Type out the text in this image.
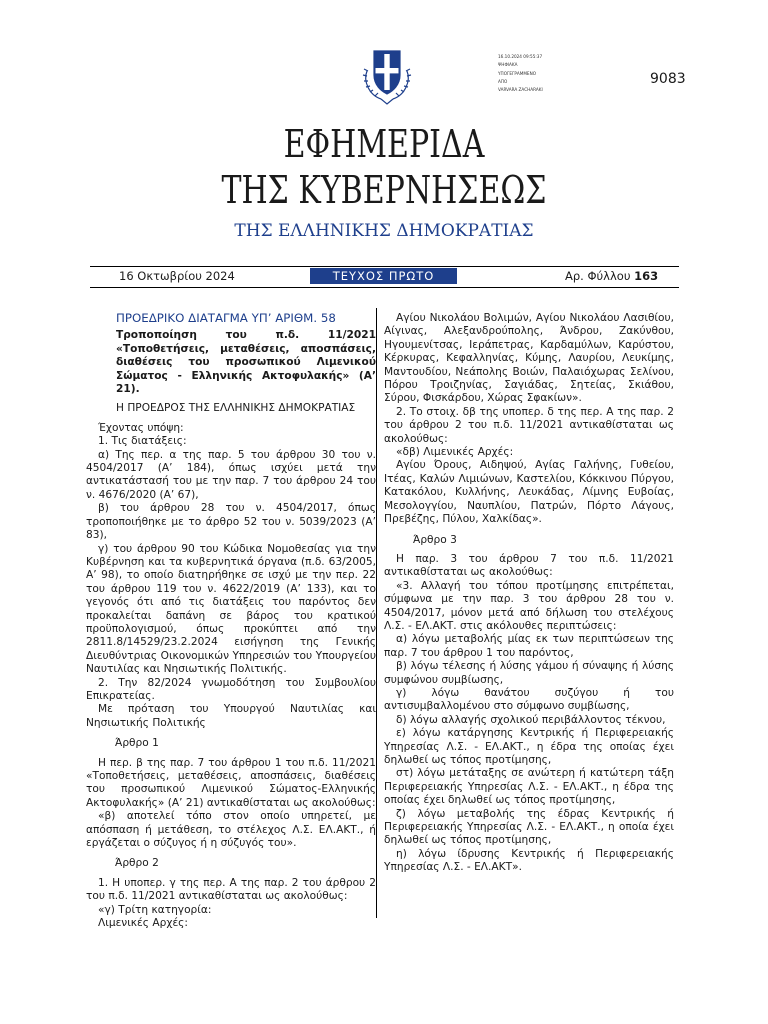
16.10.2024 09:55:37
ΨΗΦΙΑΚΑ
ΥΠΟΓΕΓΡΑΜΜΕΝΟ
ΑΠΟ
VARVARA ZACHARAKI
9083
ΕΦΗΜΕΡΙΔΑ
ΤΗΣ ΚΥΒΕΡΝΗΣΕΩΣ
ΤΗΣ ΕΛΛΗΝΙΚΗΣ ΔΗΜΟΚΡΑΤΙΑΣ
16 Οκτωβρίου 2024	ΤΕΥΧΟΣ ΠΡΩΤΟ	Αρ. Φύλλου 163

ΠΡΟΕΔΡΙΚΟ ΔΙΑΤΑΓΜΑ ΥΠ’ ΑΡΙΘΜ. 58

Τροποποίηση του π.δ. 11/2021 «Τοποθετήσεις, μεταθέσεις, αποσπάσεις, διαθέσεις του προσωπικού Λιμενικού Σώματος - Ελληνικής Ακτοφυλακής» (Α’ 21).

Η ΠΡΟΕΔΡΟΣ ΤΗΣ ΕΛΛΗΝΙΚΗΣ ΔΗΜΟΚΡΑΤΙΑΣ

Έχοντας υπόψη:

1. Τις διατάξεις:

α) Της περ. α της παρ. 5 του άρθρου 30 του ν. 4504/2017 (Α’ 184), όπως ισχύει μετά την αντικατάστασή του με την παρ. 7 του άρθρου 24 του ν. 4676/2020 (Α’ 67),

β) του άρθρου 28 του ν. 4504/2017, όπως τροποποιήθηκε με το άρθρο 52 του ν. 5039/2023 (Α’ 83),

γ) του άρθρου 90 του Κώδικα Νομοθεσίας για την Κυβέρνηση και τα κυβερνητικά όργανα (π.δ. 63/2005, Α’ 98), το οποίο διατηρήθηκε σε ισχύ με την περ. 22 του άρθρου 119 του ν. 4622/2019 (Α’ 133), και το γεγονός ότι από τις διατάξεις του παρόντος δεν προκαλείται δαπάνη σε βάρος του κρατικού προϋπολογισμού, όπως προκύπτει από την 2811.8/14529/23.2.2024 εισήγηση της Γενικής Διευθύντριας Οικονομικών Υπηρεσιών του Υπουργείου Ναυτιλίας και Νησιωτικής Πολιτικής.

2. Την 82/2024 γνωμοδότηση του Συμβουλίου Επικρατείας.

Με πρόταση του Υπουργού Ναυτιλίας και Νησιωτικής Πολιτικής

Άρθρο 1

Η περ. β της παρ. 7 του άρθρου 1 του π.δ. 11/2021 «Τοποθετήσεις, μεταθέσεις, αποσπάσεις, διαθέσεις του προσωπικού Λιμενικού Σώματος-Ελληνικής Ακτοφυλακής» (Α’ 21) αντικαθίσταται ως ακολούθως:

«β) αποτελεί τόπο στον οποίο υπηρετεί, με απόσπαση ή μετάθεση, το στέλεχος Λ.Σ. ΕΛ.ΑΚΤ., ή εργάζεται ο σύζυγος ή η σύζυγός του».

Άρθρο 2

1. Η υποπερ. γ της περ. Α της παρ. 2 του άρθρου 2 του π.δ. 11/2021 αντικαθίσταται ως ακολούθως:

«γ) Τρίτη κατηγορία:

Λιμενικές Αρχές:

Αγίου Νικολάου Βολιμών, Αγίου Νικολάου Λασιθίου, Αίγινας, Αλεξανδρούπολης, Άνδρου, Ζακύνθου, Ηγουμενίτσας, Ιεράπετρας, Καρδαμύλων, Καρύστου, Κέρκυρας, Κεφαλληνίας, Κύμης, Λαυρίου, Λευκίμης, Μαντουδίου, Νεάπολης Βοιών, Παλαιόχωρας Σελίνου, Πόρου Τροιζηνίας, Σαγιάδας, Σητείας, Σκιάθου, Σύρου, Φισκάρδου, Χώρας Σφακίων».

2. Το στοιχ. δβ της υποπερ. δ της περ. Α της παρ. 2 του άρθρου 2 του π.δ. 11/2021 αντικαθίσταται ως ακολούθως:

«δβ) Λιμενικές Αρχές:

Αγίου Όρους, Αιδηψού, Αγίας Γαλήνης, Γυθείου, Ιτέας, Καλών Λιμιώνων, Καστελίου, Κόκκινου Πύργου, Κατακόλου, Κυλλήνης, Λευκάδας, Λίμνης Ευβοίας, Μεσολογγίου, Ναυπλίου, Πατρών, Πόρτο Λάγους, Πρεβέζης, Πύλου, Χαλκίδας».

Άρθρο 3

Η παρ. 3 του άρθρου 7 του π.δ. 11/2021 αντικαθίσταται ως ακολούθως:

«3. Αλλαγή του τόπου προτίμησης επιτρέπεται, σύμφωνα με την παρ. 3 του άρθρου 28 του ν. 4504/2017, μόνον μετά από δήλωση του στελέχους Λ.Σ. - ΕΛ.ΑΚΤ. στις ακόλουθες περιπτώσεις:

α) λόγω μεταβολής μίας εκ των περιπτώσεων της παρ. 7 του άρθρου 1 του παρόντος,

β) λόγω τέλεσης ή λύσης γάμου ή σύναψης ή λύσης συμφώνου συμβίωσης,

γ) λόγω θανάτου συζύγου ή του αντισυμβαλλομένου στο σύμφωνο συμβίωσης,

δ) λόγω αλλαγής σχολικού περιβάλλοντος τέκνου,

ε) λόγω κατάργησης Κεντρικής ή Περιφερειακής Υπηρεσίας Λ.Σ. - ΕΛ.ΑΚΤ., η έδρα της οποίας έχει δηλωθεί ως τόπος προτίμησης,

στ) λόγω μετάταξης σε ανώτερη ή κατώτερη τάξη Περιφερειακής Υπηρεσίας Λ.Σ. - ΕΛ.ΑΚΤ., η έδρα της οποίας έχει δηλωθεί ως τόπος προτίμησης,

ζ) λόγω μεταβολής της έδρας Κεντρικής ή Περιφερειακής Υπηρεσίας Λ.Σ. - ΕΛ.ΑΚΤ., η οποία έχει δηλωθεί ως τόπος προτίμησης,

η) λόγω ίδρυσης Κεντρικής ή Περιφερειακής Υπηρεσίας Λ.Σ. - ΕΛ.ΑΚΤ».
